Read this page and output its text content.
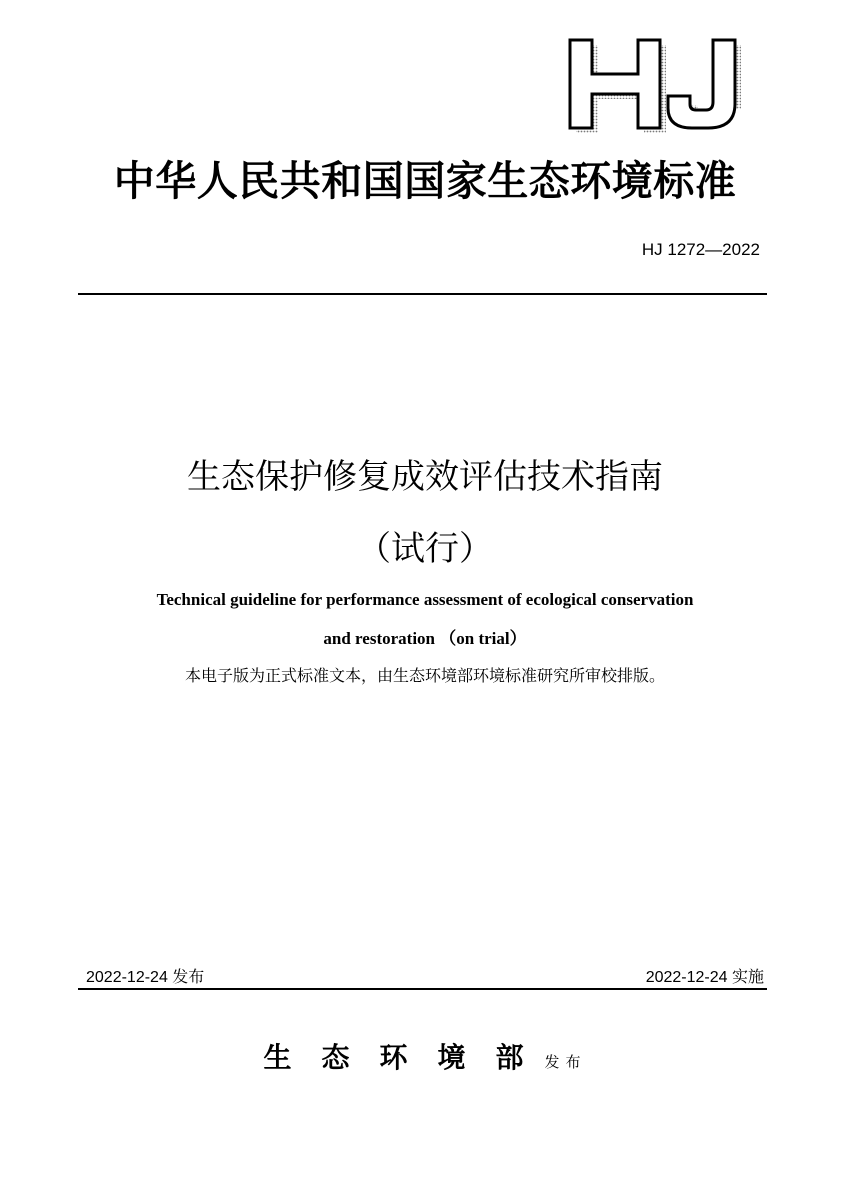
中华人民共和国国家生态环境标准
HJ 1272—2022
生态保护修复成效评估技术指南
（试行）
Technical guideline for performance assessment of ecological conservation
and restoration （on trial）
本电子版为正式标准文本，由生态环境部环境标准研究所审校排版。
2022-12-24 发布	2022-12-24 实施
生态环境部 发布
